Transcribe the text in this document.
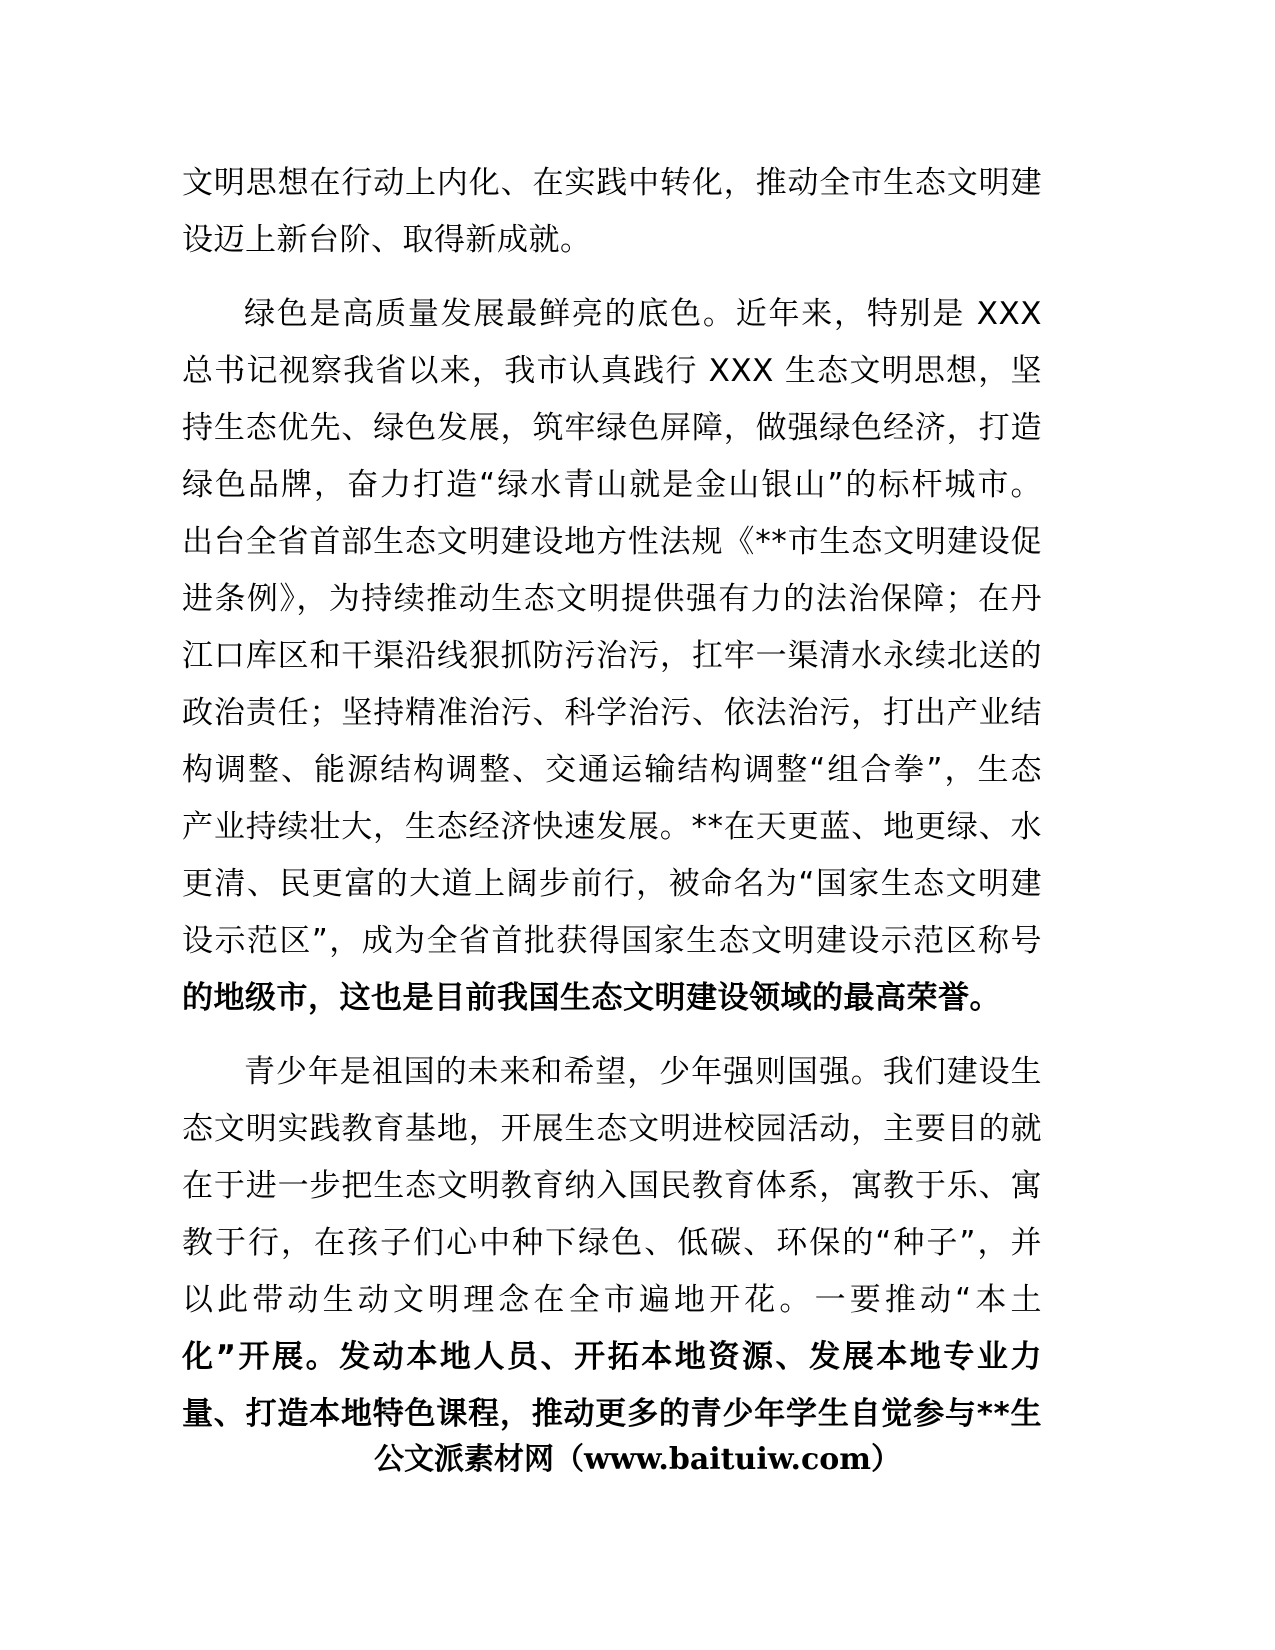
文明思想在行动上内化、在实践中转化，推动全市生态文明建
设迈上新台阶、取得新成就。
绿色是高质量发展最鲜亮的底色。近年来，特别是 XXX
总书记视察我省以来，我市认真践行 XXX 生态文明思想，坚
持生态优先、绿色发展，筑牢绿色屏障，做强绿色经济，打造
绿色品牌，奋力打造“绿水青山就是金山银山”的标杆城市。
出台全省首部生态文明建设地方性法规《**市生态文明建设促
进条例》，为持续推动生态文明提供强有力的法治保障；在丹
江口库区和干渠沿线狠抓防污治污，扛牢一渠清水永续北送的
政治责任；坚持精准治污、科学治污、依法治污，打出产业结
构调整、能源结构调整、交通运输结构调整“组合拳”，生态
产业持续壮大，生态经济快速发展。**在天更蓝、地更绿、水
更清、民更富的大道上阔步前行，被命名为“国家生态文明建
设示范区”，成为全省首批获得国家生态文明建设示范区称号
的地级市，这也是目前我国生态文明建设领域的最高荣誉。
青少年是祖国的未来和希望，少年强则国强。我们建设生
态文明实践教育基地，开展生态文明进校园活动，主要目的就
在于进一步把生态文明教育纳入国民教育体系，寓教于乐、寓
教于行，在孩子们心中种下绿色、低碳、环保的“种子”，并
以此带动生动文明理念在全市遍地开花。一要推动“本土
化”开展。发动本地人员、开拓本地资源、发展本地专业力
量、打造本地特色课程，推动更多的青少年学生自觉参与**生
公文派素材网（www.baituiw.com）
